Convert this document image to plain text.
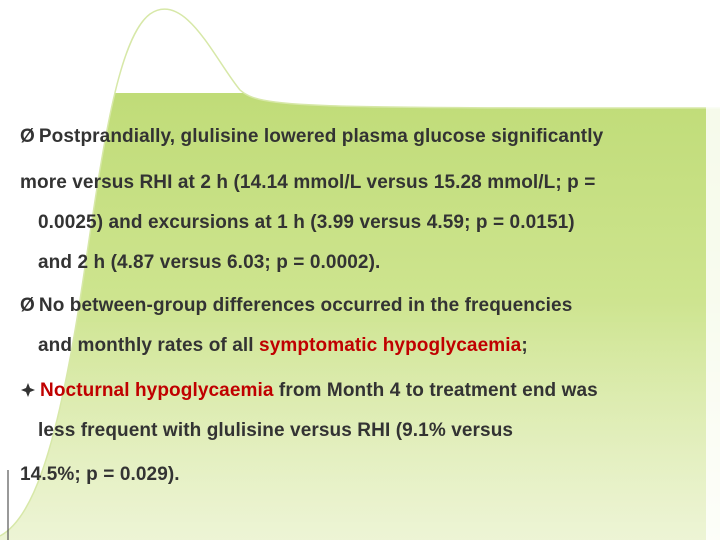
Ø Postprandially, glulisine lowered plasma glucose significantly
more versus RHI at 2 h (14.14 mmol/L versus 15.28 mmol/L; p =
0.0025) and excursions at 1 h (3.99 versus 4.59; p = 0.0151)
and 2 h (4.87 versus 6.03; p = 0.0002).
Ø No between-group differences occurred in the frequencies
and monthly rates of all symptomatic hypoglycaemia;
Nocturnal hypoglycaemia from Month 4 to treatment end was
less frequent with glulisine versus RHI (9.1% versus
14.5%; p = 0.029).
